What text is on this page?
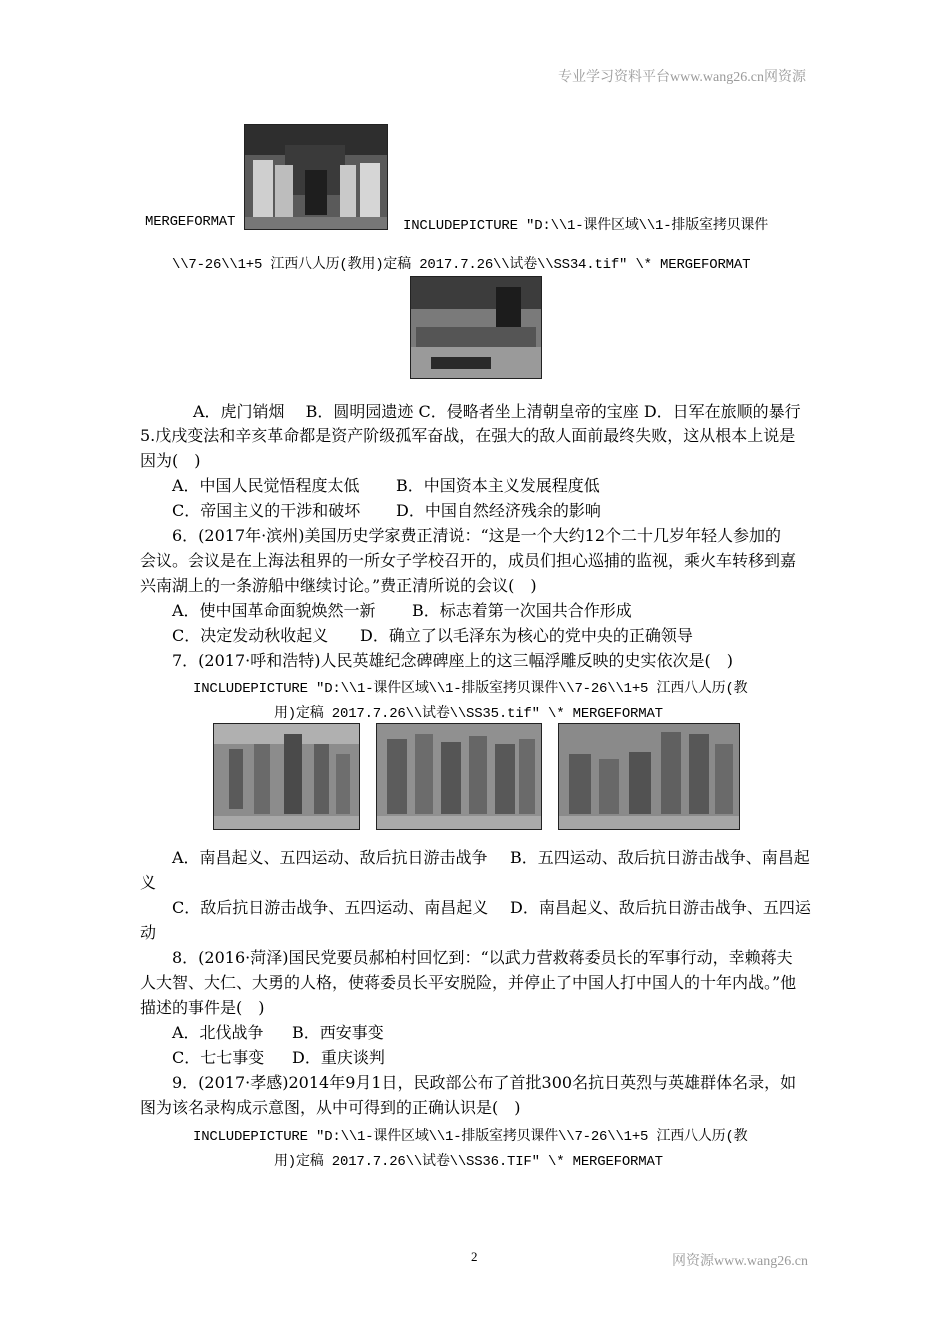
专业学习资料平台www.wang26.cn网资源
MERGEFORMAT	INCLUDEPICTURE "D:\\1-课件区域\\1-排版室拷贝课件
\\7-26\\1+5 江西八人历(教用)定稿 2017.7.26\\试卷\\SS34.tif" \* MERGEFORMAT
A．虎门销烟　 B．圆明园遗迹 C．侵略者坐上清朝皇帝的宝座 D．日军在旅顺的暴行
5.戊戌变法和辛亥革命都是资产阶级孤军奋战，在强大的敌人面前最终失败，这从根本上说是
因为(　)
A．中国人民觉悟程度太低 B．中国资本主义发展程度低
C．帝国主义的干涉和破坏 D．中国自然经济残余的影响
6．(2017年·滨州)美国历史学家费正清说：“这是一个大约12个二十几岁年轻人参加的
会议。会议是在上海法租界的一所女子学校召开的，成员们担心巡捕的监视，乘火车转移到嘉
兴南湖上的一条游船中继续讨论。”费正清所说的会议(　)
A．使中国革命面貌焕然一新 B．标志着第一次国共合作形成
C．决定发动秋收起义 D．确立了以毛泽东为核心的党中央的正确领导
7．(2017·呼和浩特)人民英雄纪念碑碑座上的这三幅浮雕反映的史实依次是(　)
INCLUDEPICTURE "D:\\1-课件区域\\1-排版室拷贝课件\\7-26\\1+5 江西八人历(教
用)定稿 2017.7.26\\试卷\\SS35.tif" \* MERGEFORMAT
A．南昌起义、五四运动、敌后抗日游击战争 B．五四运动、敌后抗日游击战争、南昌起
义
C．敌后抗日游击战争、五四运动、南昌起义 D．南昌起义、敌后抗日游击战争、五四运
动
8．(2016·菏泽)国民党要员郝柏村回忆到：“以武力营救蒋委员长的军事行动，幸赖蒋夫
人大智、大仁、大勇的人格，使蒋委员长平安脱险，并停止了中国人打中国人的十年内战。”他
描述的事件是(　)
A．北伐战争 B．西安事变
C．七七事变 D．重庆谈判
9．(2017·孝感)2014年9月1日，民政部公布了首批300名抗日英烈与英雄群体名录，如
图为该名录构成示意图，从中可得到的正确认识是(　)
INCLUDEPICTURE "D:\\1-课件区域\\1-排版室拷贝课件\\7-26\\1+5 江西八人历(教
用)定稿 2017.7.26\\试卷\\SS36.TIF" \* MERGEFORMAT
2	网资源www.wang26.cn
